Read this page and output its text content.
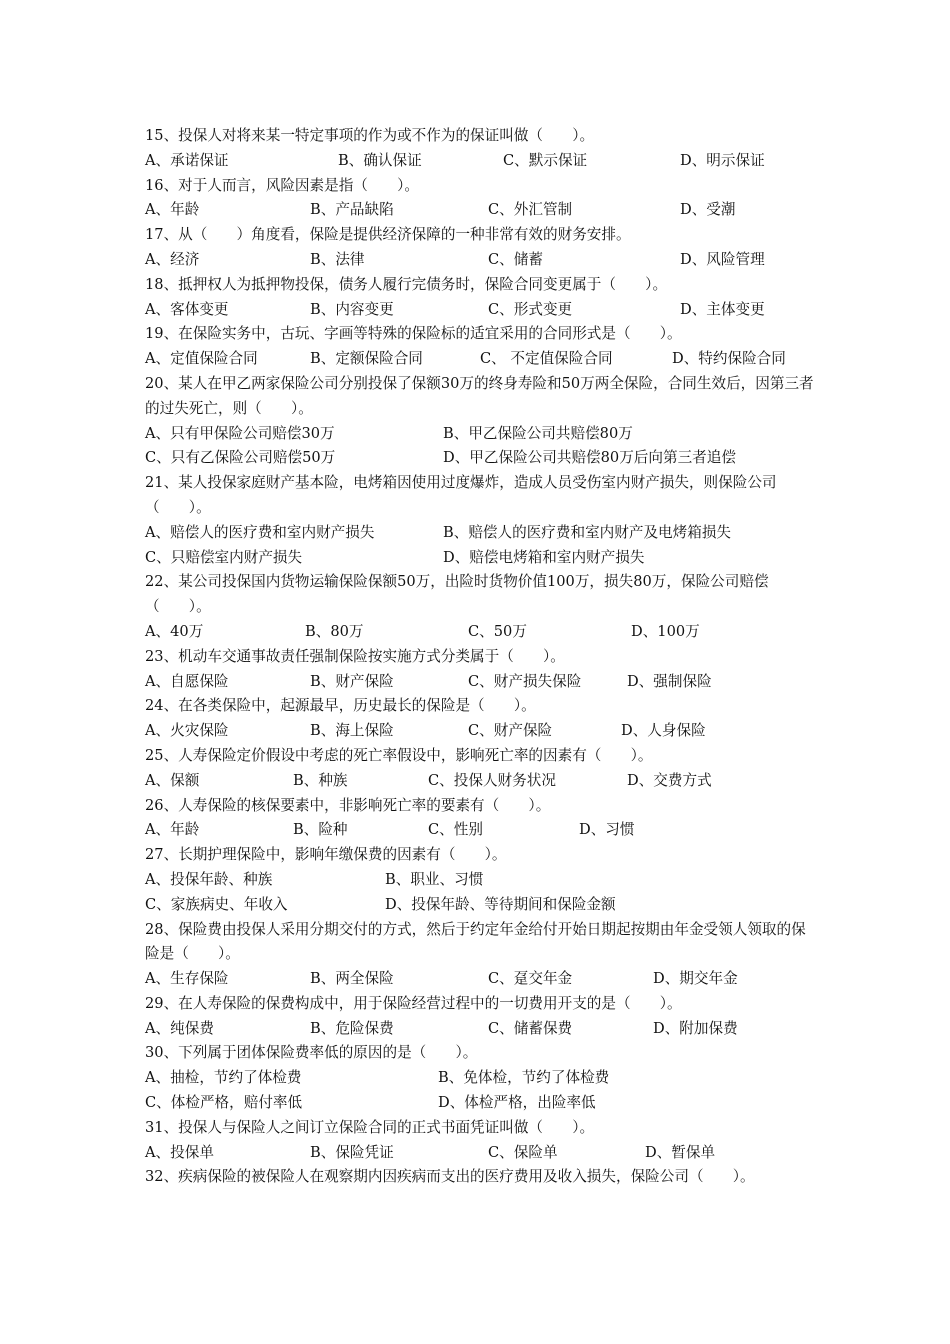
15、投保人对将来某一特定事项的作为或不作为的保证叫做（　　）。

A、承诺保证	B、确认保证	C、默示保证	D、明示保证

16、对于人而言，风险因素是指（　　）。

A、年龄	B、产品缺陷	C、外汇管制	D、受潮

17、从（　　）角度看，保险是提供经济保障的一种非常有效的财务安排。

A、经济	B、法律	C、储蓄	D、风险管理

18、抵押权人为抵押物投保，债务人履行完债务时，保险合同变更属于（　　）。

A、客体变更	B、内容变更	C、形式变更	D、主体变更

19、在保险实务中，古玩、字画等特殊的保险标的适宜采用的合同形式是（　　）。

A、定值保险合同	B、定额保险合同	C、 不定值保险合同	D、特约保险合同

20、某人在甲乙两家保险公司分别投保了保额30万的终身寿险和50万两全保险，合同生效后，因第三者的过失死亡，则（　　）。

A、只有甲保险公司赔偿30万	B、甲乙保险公司共赔偿80万
C、只有乙保险公司赔偿50万	D、甲乙保险公司共赔偿80万后向第三者追偿

21、某人投保家庭财产基本险，电烤箱因使用过度爆炸，造成人员受伤室内财产损失，则保险公司（　　）。

A、赔偿人的医疗费和室内财产损失	B、赔偿人的医疗费和室内财产及电烤箱损失
C、只赔偿室内财产损失	D、赔偿电烤箱和室内财产损失

22、某公司投保国内货物运输保险保额50万，出险时货物价值100万，损失80万，保险公司赔偿（　　）。

A、40万	B、80万	C、50万	D、100万

23、机动车交通事故责任强制保险按实施方式分类属于（　　）。

A、自愿保险	B、财产保险	C、财产损失保险	D、强制保险

24、在各类保险中，起源最早，历史最长的保险是（　　）。

A、火灾保险	B、海上保险	C、财产保险	D、人身保险

25、人寿保险定价假设中考虑的死亡率假设中，影响死亡率的因素有（　　）。

A、保额	B、种族	C、投保人财务状况	D、交费方式

26、人寿保险的核保要素中，非影响死亡率的要素有（　　）。

A、年龄	B、险种	C、性别	D、习惯

27、长期护理保险中，影响年缴保费的因素有（　　）。

A、投保年龄、种族	B、职业、习惯
C、家族病史、年收入	D、投保年龄、等待期间和保险金额

28、保险费由投保人采用分期交付的方式，然后于约定年金给付开始日期起按期由年金受领人领取的保险是（　　）。

A、生存保险	B、两全保险	C、趸交年金	D、期交年金

29、在人寿保险的保费构成中，用于保险经营过程中的一切费用开支的是（　　）。

A、纯保费	B、危险保费	C、储蓄保费	D、附加保费

30、下列属于团体保险费率低的原因的是（　　）。

A、抽检，节约了体检费	B、免体检，节约了体检费
C、体检严格，赔付率低	D、体检严格，出险率低

31、投保人与保险人之间订立保险合同的正式书面凭证叫做（　　）。

A、投保单	B、保险凭证	C、保险单	D、暂保单

32、疾病保险的被保险人在观察期内因疾病而支出的医疗费用及收入损失，保险公司（　　）。
